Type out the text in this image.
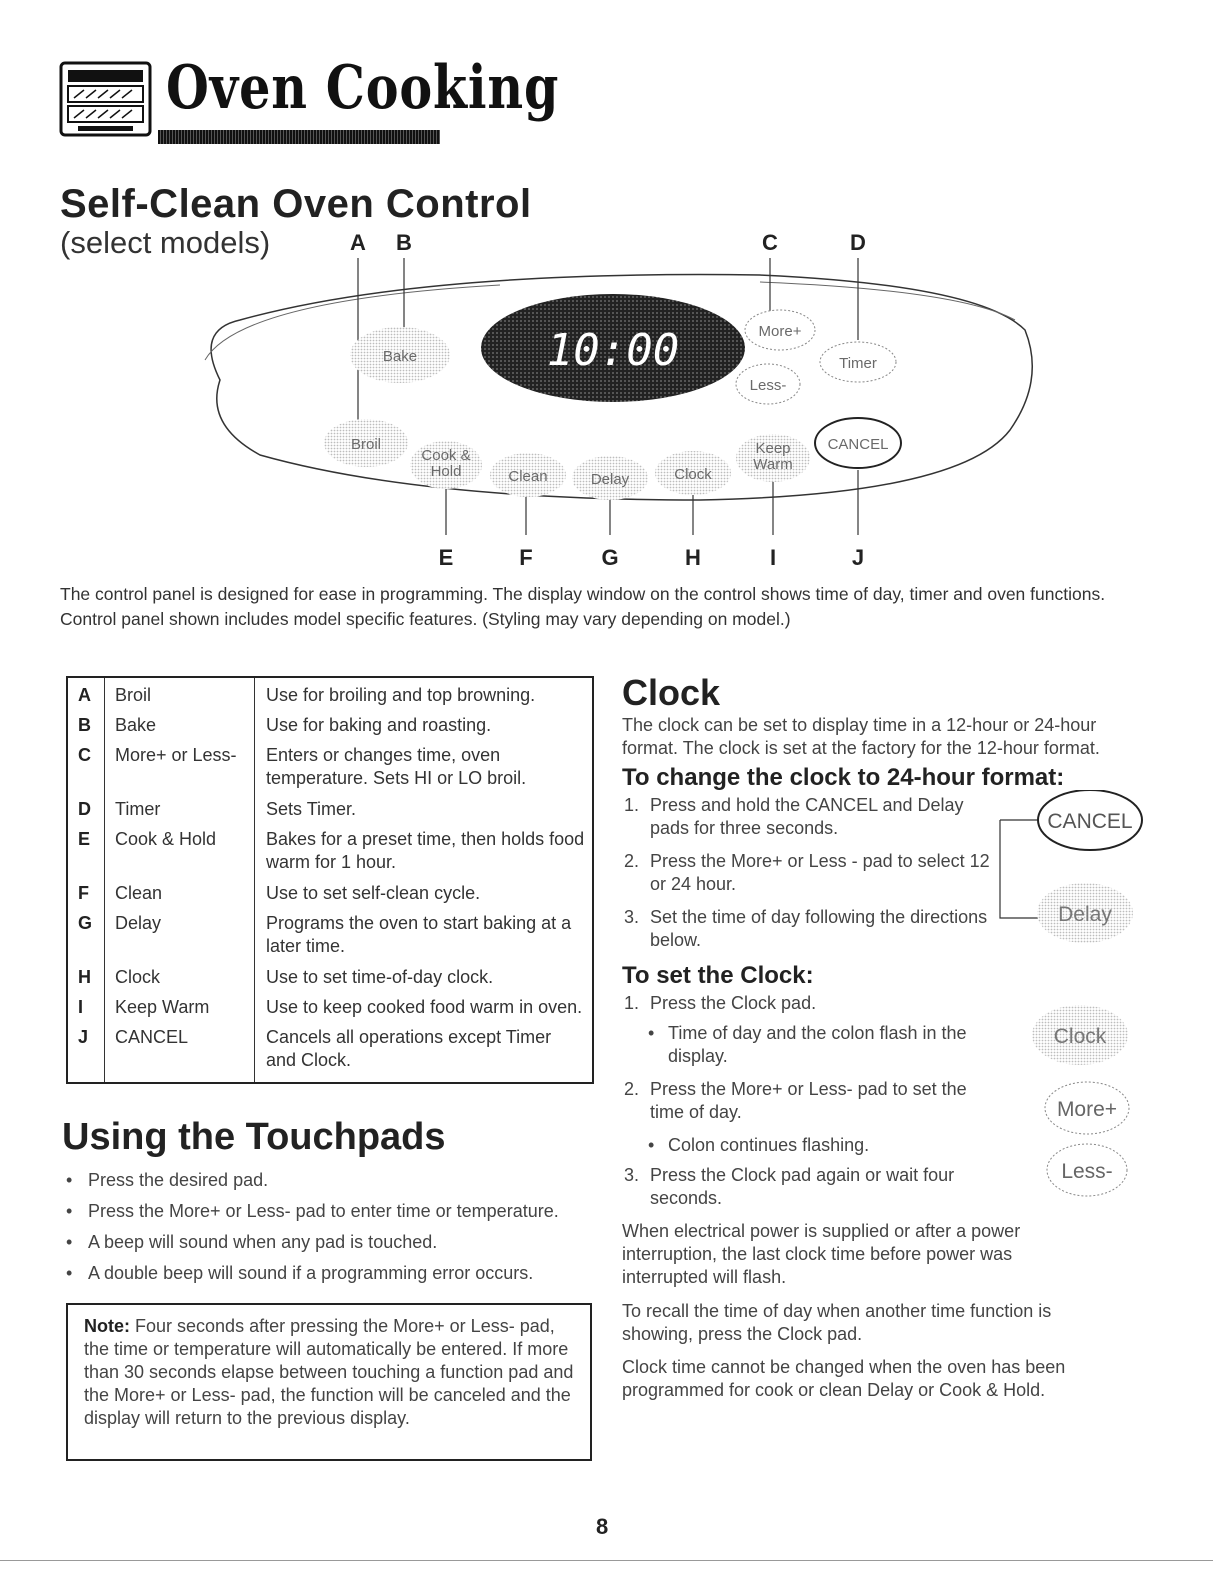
Oven Cooking
Self-Clean Oven Control
(select models)
10:00
Bake
Broil
Cook &
Hold	Clean	Delay	Clock
Keep
Warm
More+
Less-
Timer
CANCEL
A B	C	D
E	F	G	H	I	J
The control panel is designed for ease in programming. The display window on the control shows time of day, timer and oven functions.
Control panel shown includes model specific features. (Styling may vary depending on model.)
A	Broil	Use for broiling and top browning.
B	Bake	Use for baking and roasting.
C	More+ or Less-	Enters or changes time, oven temperature. Sets HI or LO broil.
D	Timer	Sets Timer.
E	Cook & Hold	Bakes for a preset time, then holds food warm for 1 hour.
F	Clean	Use to set self-clean cycle.
G	Delay	Programs the oven to start baking at a later time.
H	Clock	Use to set time-of-day clock.
I	Keep Warm	Use to keep cooked food warm in oven.
J	CANCEL	Cancels all operations except Timer and Clock.
Using the Touchpads
• Press the desired pad.
• Press the More+ or Less- pad to enter time or temperature.
• A beep will sound when any pad is touched.
• A double beep will sound if a programming error occurs.
Note: Four seconds after pressing the More+ or Less- pad, the time or temperature will automatically be entered. If more than 30 seconds elapse between touching a function pad and the More+ or Less- pad, the function will be canceled and the display will return to the previous display.
Clock
The clock can be set to display time in a 12-hour or 24-hour format. The clock is set at the factory for the 12-hour format.
To change the clock to 24-hour format:
1. Press and hold the CANCEL and Delay pads for three seconds.
2. Press the More+ or Less - pad to select 12 or 24 hour.
3. Set the time of day following the directions below.
To set the Clock:
1. Press the Clock pad.
• Time of day and the colon flash in the display.
2. Press the More+ or Less- pad to set the time of day.
• Colon continues flashing.
3. Press the Clock pad again or wait four seconds.
When electrical power is supplied or after a power interruption, the last clock time before power was interrupted will flash.
To recall the time of day when another time function is showing, press the Clock pad.
Clock time cannot be changed when the oven has been programmed for cook or clean Delay or Cook & Hold.
CANCEL
Delay
Clock
More+
Less-
8
